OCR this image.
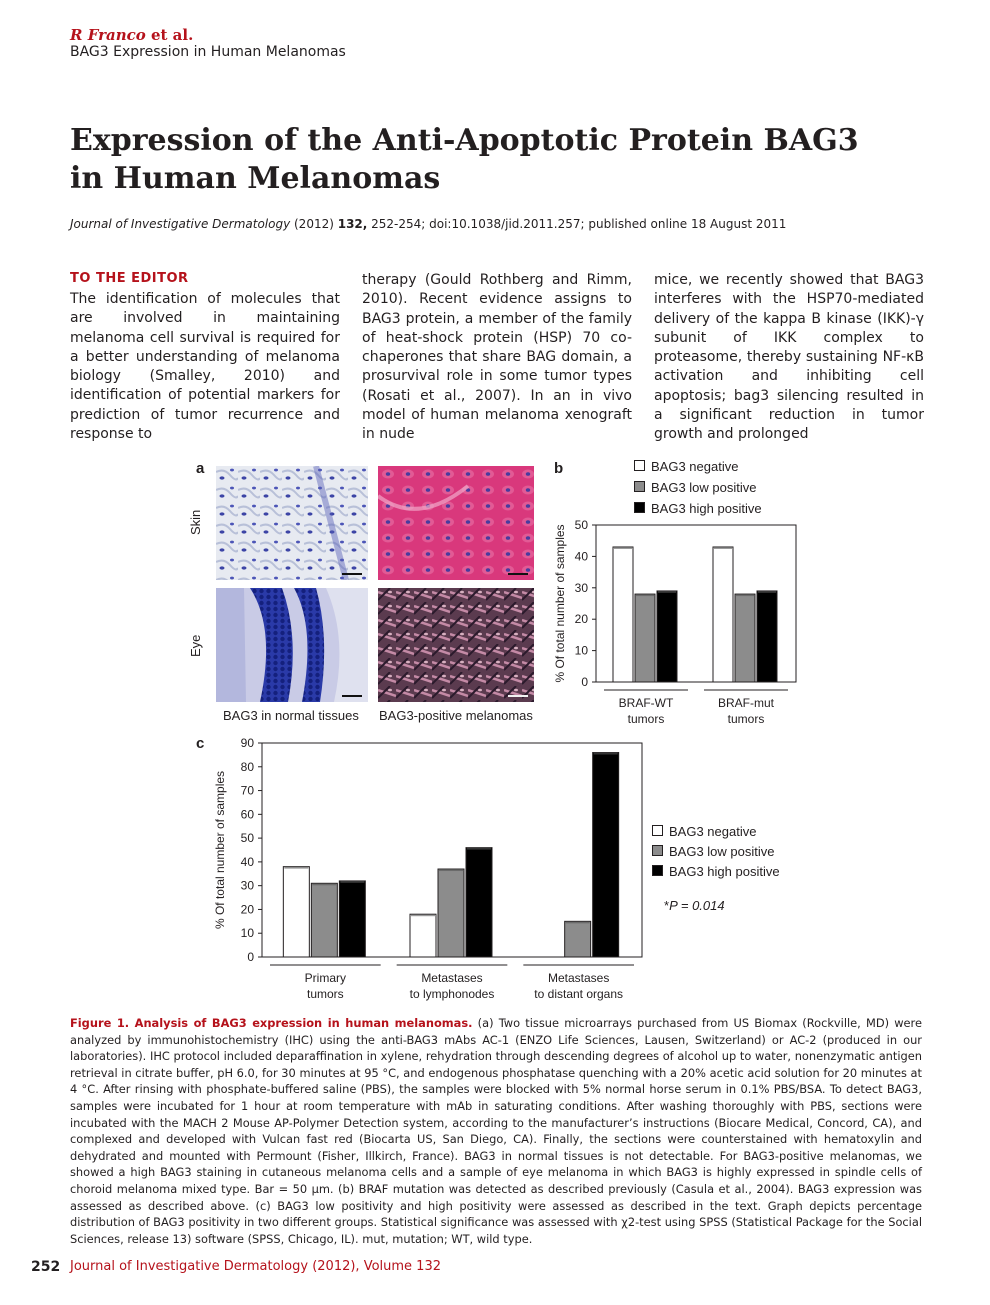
R Franco et al.
BAG3 Expression in Human Melanomas
Expression of the Anti-Apoptotic Protein BAG3 in Human Melanomas
Journal of Investigative Dermatology (2012) 132, 252-254; doi:10.1038/jid.2011.257; published online 18 August 2011
TO THE EDITOR
The identification of molecules that are involved in maintaining melanoma cell survival is required for a better understanding of melanoma biology (Smalley, 2010) and identification of potential markers for prediction of tumor recurrence and response to
therapy (Gould Rothberg and Rimm, 2010). Recent evidence assigns to BAG3 protein, a member of the family of heat-shock protein (HSP) 70 co-chaperones that share BAG domain, a prosurvival role in some tumor types (Rosati et al., 2007). In an in vivo model of human melanoma xenograft in nude
mice, we recently showed that BAG3 interferes with the HSP70-mediated delivery of the kappa B kinase (IKK)-γ subunit of IKK complex to proteasome, thereby sustaining NF-κB activation and inhibiting cell apoptosis; bag3 silencing resulted in a significant reduction in tumor growth and prolonged
a
Skin
Eye
BAG3 in normal tissues BAG3-positive melanomas
b	BAG3 negative
BAG3 low positive
BAG3 high positive
% Of total number of samples 0
10
20
30
40
50
BRAF-WT
tumors
BRAF-mut
tumors
c
% Of total number of samples
0
10
20
30
40
50
60
70
80
90
Primary
tumors
Metastases
to lymphonodes
Metastases
to distant organs
BAG3 negative
BAG3 low positive
BAG3 high positive
*P = 0.014
Figure 1. Analysis of BAG3 expression in human melanomas. (a) Two tissue microarrays purchased from US Biomax (Rockville, MD) were analyzed by immunohistochemistry (IHC) using the anti-BAG3 mAbs AC-1 (ENZO Life Sciences, Lausen, Switzerland) or AC-2 (produced in our laboratories). IHC protocol included deparaffination in xylene, rehydration through descending degrees of alcohol up to water, nonenzymatic antigen retrieval in citrate buffer, pH 6.0, for 30 minutes at 95 °C, and endogenous phosphatase quenching with a 20% acetic acid solution for 20 minutes at 4 °C. After rinsing with phosphate-buffered saline (PBS), the samples were blocked with 5% normal horse serum in 0.1% PBS/BSA. To detect BAG3, samples were incubated for 1 hour at room temperature with mAb in saturating conditions. After washing thoroughly with PBS, sections were incubated with the MACH 2 Mouse AP-Polymer Detection system, according to the manufacturer’s instructions (Biocare Medical, Concord, CA), and complexed and developed with Vulcan fast red (Biocarta US, San Diego, CA). Finally, the sections were counterstained with hematoxylin and dehydrated and mounted with Permount (Fisher, Illkirch, France). BAG3 in normal tissues is not detectable. For BAG3-positive melanomas, we showed a high BAG3 staining in cutaneous melanoma cells and a sample of eye melanoma in which BAG3 is highly expressed in spindle cells of choroid melanoma mixed type. Bar = 50 μm. (b) BRAF mutation was detected as described previously (Casula et al., 2004). BAG3 expression was assessed as described above. (c) BAG3 low positivity and high positivity were assessed as described in the text. Graph depicts percentage distribution of BAG3 positivity in two different groups. Statistical significance was assessed with χ2-test using SPSS (Statistical Package for the Social Sciences, release 13) software (SPSS, Chicago, IL). mut, mutation; WT, wild type.
252 Journal of Investigative Dermatology (2012), Volume 132
